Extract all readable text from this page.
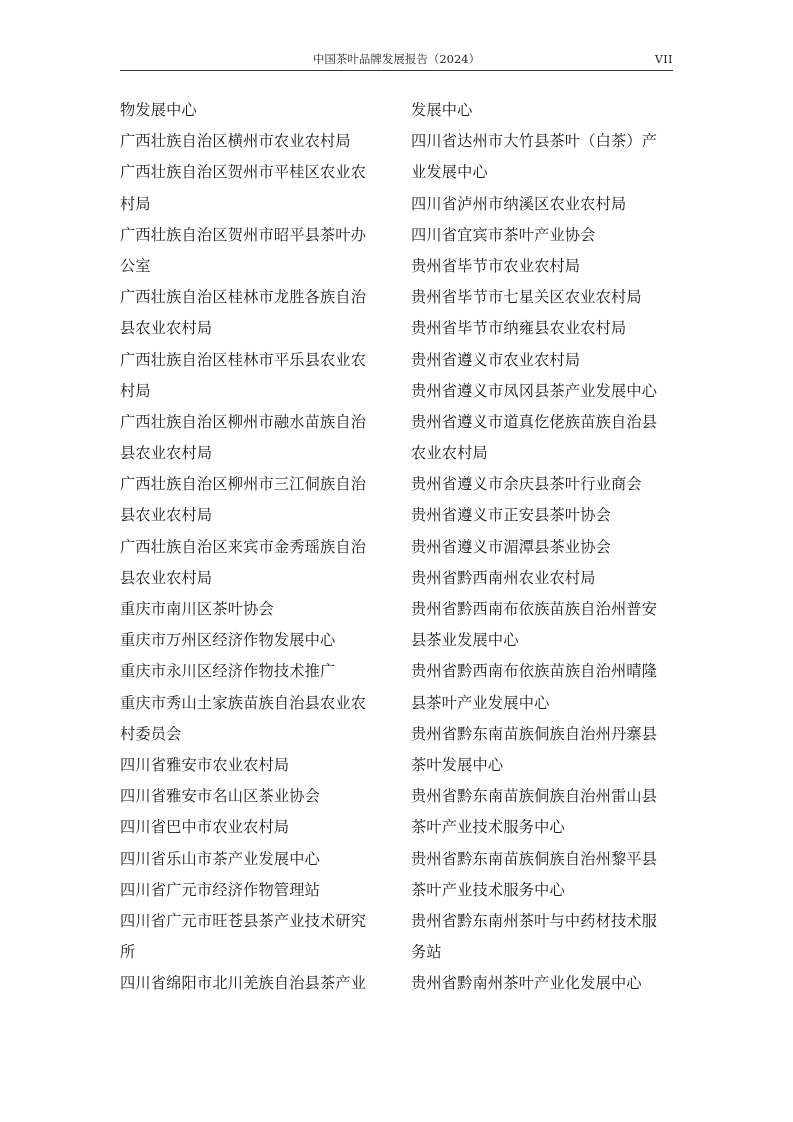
中国茶叶品牌发展报告（2024）	VII
物发展中心
广西壮族自治区横州市农业农村局
广西壮族自治区贺州市平桂区农业农
村局
广西壮族自治区贺州市昭平县茶叶办
公室
广西壮族自治区桂林市龙胜各族自治
县农业农村局
广西壮族自治区桂林市平乐县农业农
村局
广西壮族自治区柳州市融水苗族自治
县农业农村局
广西壮族自治区柳州市三江侗族自治
县农业农村局
广西壮族自治区来宾市金秀瑶族自治
县农业农村局
重庆市南川区茶叶协会
重庆市万州区经济作物发展中心
重庆市永川区经济作物技术推广
重庆市秀山土家族苗族自治县农业农
村委员会
四川省雅安市农业农村局
四川省雅安市名山区茶业协会
四川省巴中市农业农村局
四川省乐山市茶产业发展中心
四川省广元市经济作物管理站
四川省广元市旺苍县茶产业技术研究
所
四川省绵阳市北川羌族自治县茶产业
发展中心
四川省达州市大竹县茶叶（白茶）产
业发展中心
四川省泸州市纳溪区农业农村局
四川省宜宾市茶叶产业协会
贵州省毕节市农业农村局
贵州省毕节市七星关区农业农村局
贵州省毕节市纳雍县农业农村局
贵州省遵义市农业农村局
贵州省遵义市凤冈县茶产业发展中心
贵州省遵义市道真仡佬族苗族自治县
农业农村局
贵州省遵义市余庆县茶叶行业商会
贵州省遵义市正安县茶叶协会
贵州省遵义市湄潭县茶业协会
贵州省黔西南州农业农村局
贵州省黔西南布依族苗族自治州普安
县茶业发展中心
贵州省黔西南布依族苗族自治州晴隆
县茶叶产业发展中心
贵州省黔东南苗族侗族自治州丹寨县
茶叶发展中心
贵州省黔东南苗族侗族自治州雷山县
茶叶产业技术服务中心
贵州省黔东南苗族侗族自治州黎平县
茶叶产业技术服务中心
贵州省黔东南州茶叶与中药材技术服
务站
贵州省黔南州茶叶产业化发展中心
